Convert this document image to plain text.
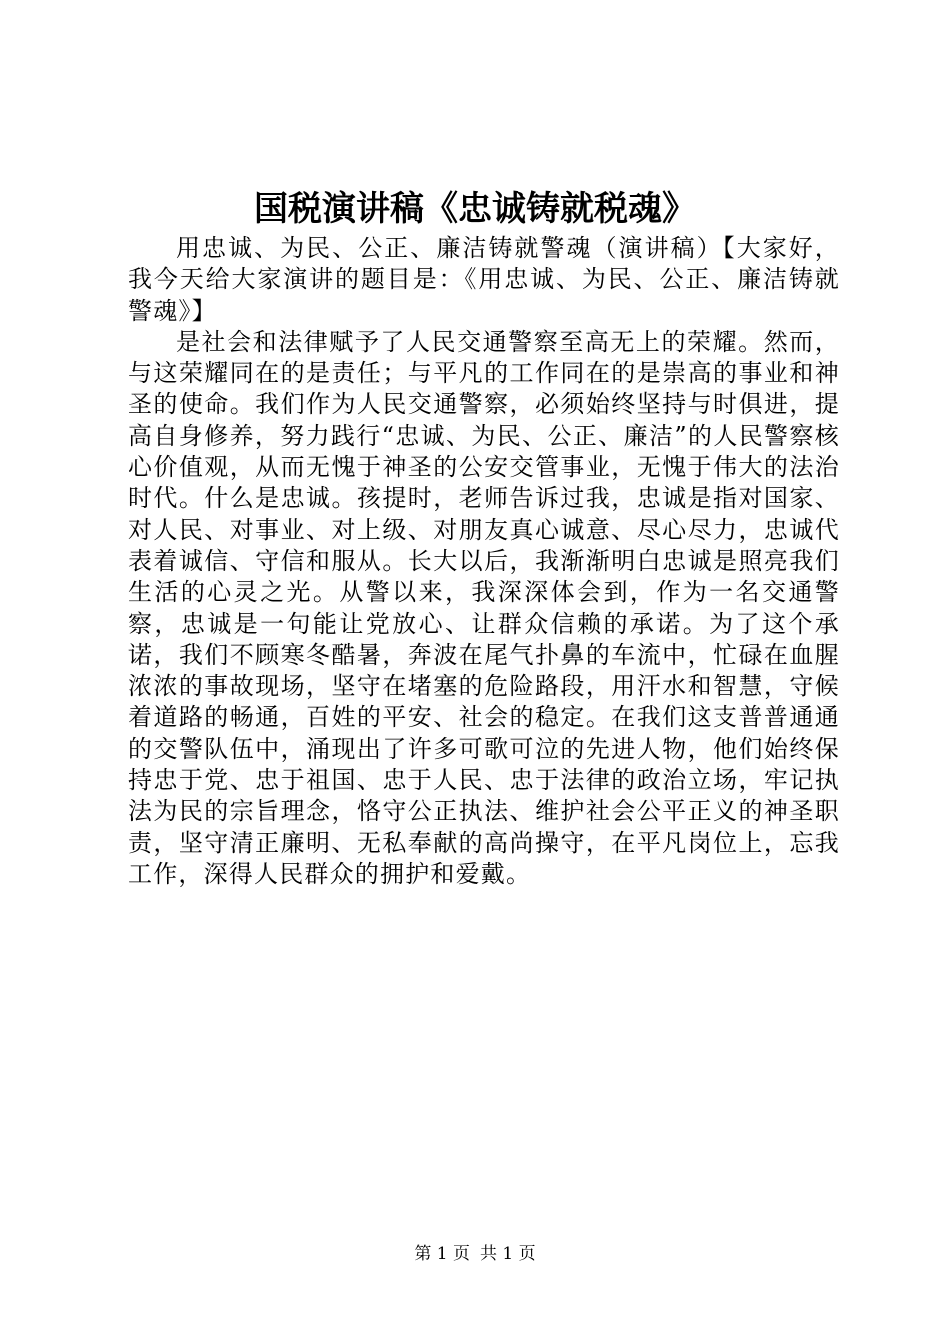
国税演讲稿《忠诚铸就税魂》

用忠诚、为民、公正、廉洁铸就警魂（演讲稿）【大家好，我今天给大家演讲的题目是：《用忠诚、为民、公正、廉洁铸就警魂》】

是社会和法律赋予了人民交通警察至高无上的荣耀。然而，与这荣耀同在的是责任；与平凡的工作同在的是崇高的事业和神圣的使命。我们作为人民交通警察，必须始终坚持与时俱进，提高自身修养，努力践行“忠诚、为民、公正、廉洁”的人民警察核心价值观，从而无愧于神圣的公安交管事业，无愧于伟大的法治时代。什么是忠诚。孩提时，老师告诉过我，忠诚是指对国家、对人民、对事业、对上级、对朋友真心诚意、尽心尽力，忠诚代表着诚信、守信和服从。长大以后，我渐渐明白忠诚是照亮我们生活的心灵之光。从警以来，我深深体会到，作为一名交通警察，忠诚是一句能让党放心、让群众信赖的承诺。为了这个承诺，我们不顾寒冬酷暑，奔波在尾气扑鼻的车流中，忙碌在血腥浓浓的事故现场，坚守在堵塞的危险路段，用汗水和智慧，守候着道路的畅通，百姓的平安、社会的稳定。在我们这支普普通通的交警队伍中，涌现出了许多可歌可泣的先进人物，他们始终保持忠于党、忠于祖国、忠于人民、忠于法律的政治立场，牢记执法为民的宗旨理念，恪守公正执法、维护社会公平正义的神圣职责，坚守清正廉明、无私奉献的高尚操守，在平凡岗位上，忘我工作，深得人民群众的拥护和爱戴。

第 1 页 共 1 页
